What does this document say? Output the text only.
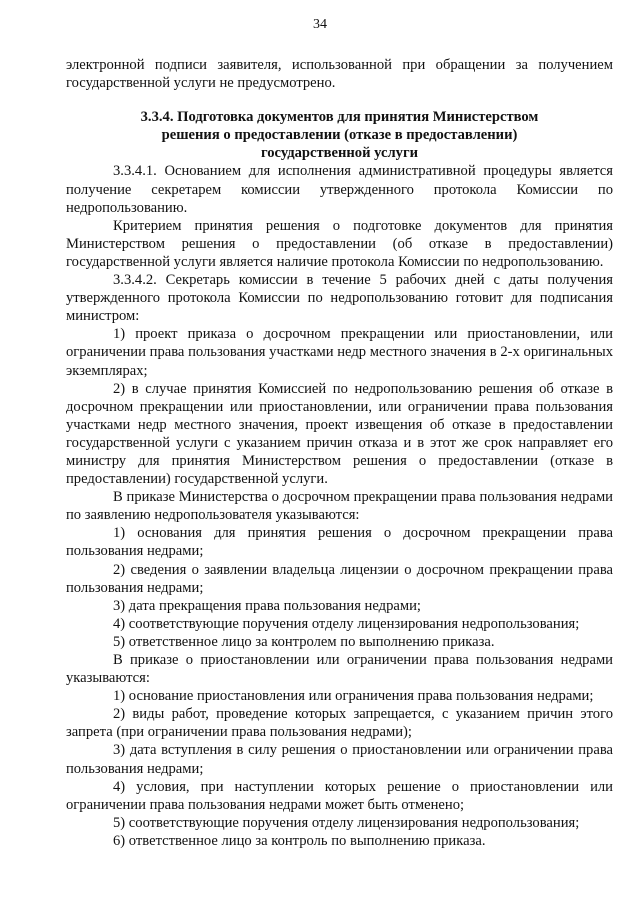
34

электронной подписи заявителя, использованной при обращении за получением государственной услуги не предусмотрено.

3.3.4. Подготовка документов для принятия Министерством
решения о предоставлении (отказе в предоставлении)
государственной услуги

3.3.4.1. Основанием для исполнения административной процедуры является получение секретарем комиссии утвержденного протокола Комиссии по недропользованию.

Критерием принятия решения о подготовке документов для принятия Министерством решения о предоставлении (об отказе в предоставлении) государственной услуги является наличие протокола Комиссии по недропользованию.

3.3.4.2. Секретарь комиссии в течение 5 рабочих дней с даты получения утвержденного протокола Комиссии по недропользованию готовит для подписания министром:

1) проект приказа о досрочном прекращении или приостановлении, или ограничении права пользования участками недр местного значения в 2-х оригинальных экземплярах;

2) в случае принятия Комиссией по недропользованию решения об отказе в досрочном прекращении или приостановлении, или ограничении права пользования участками недр местного значения, проект извещения об отказе в предоставлении государственной услуги с указанием причин отказа и в этот же срок направляет его министру для принятия Министерством решения о предоставлении (отказе в предоставлении) государственной услуги.

В приказе Министерства о досрочном прекращении права пользования недрами по заявлению недропользователя указываются:

1) основания для принятия решения о досрочном прекращении права пользования недрами;

2) сведения о заявлении владельца лицензии о досрочном прекращении права пользования недрами;

3) дата прекращения права пользования недрами;

4) соответствующие поручения отделу лицензирования недропользования;

5) ответственное лицо за контролем по выполнению приказа.

В приказе о приостановлении или ограничении права пользования недрами указываются:

1) основание приостановления или ограничения права пользования недрами;

2) виды работ, проведение которых запрещается, с указанием причин этого запрета (при ограничении права пользования недрами);

3) дата вступления в силу решения о приостановлении или ограничении права пользования недрами;

4) условия, при наступлении которых решение о приостановлении или ограничении права пользования недрами может быть отменено;

5) соответствующие поручения отделу лицензирования недропользования;

6) ответственное лицо за контроль по выполнению приказа.
